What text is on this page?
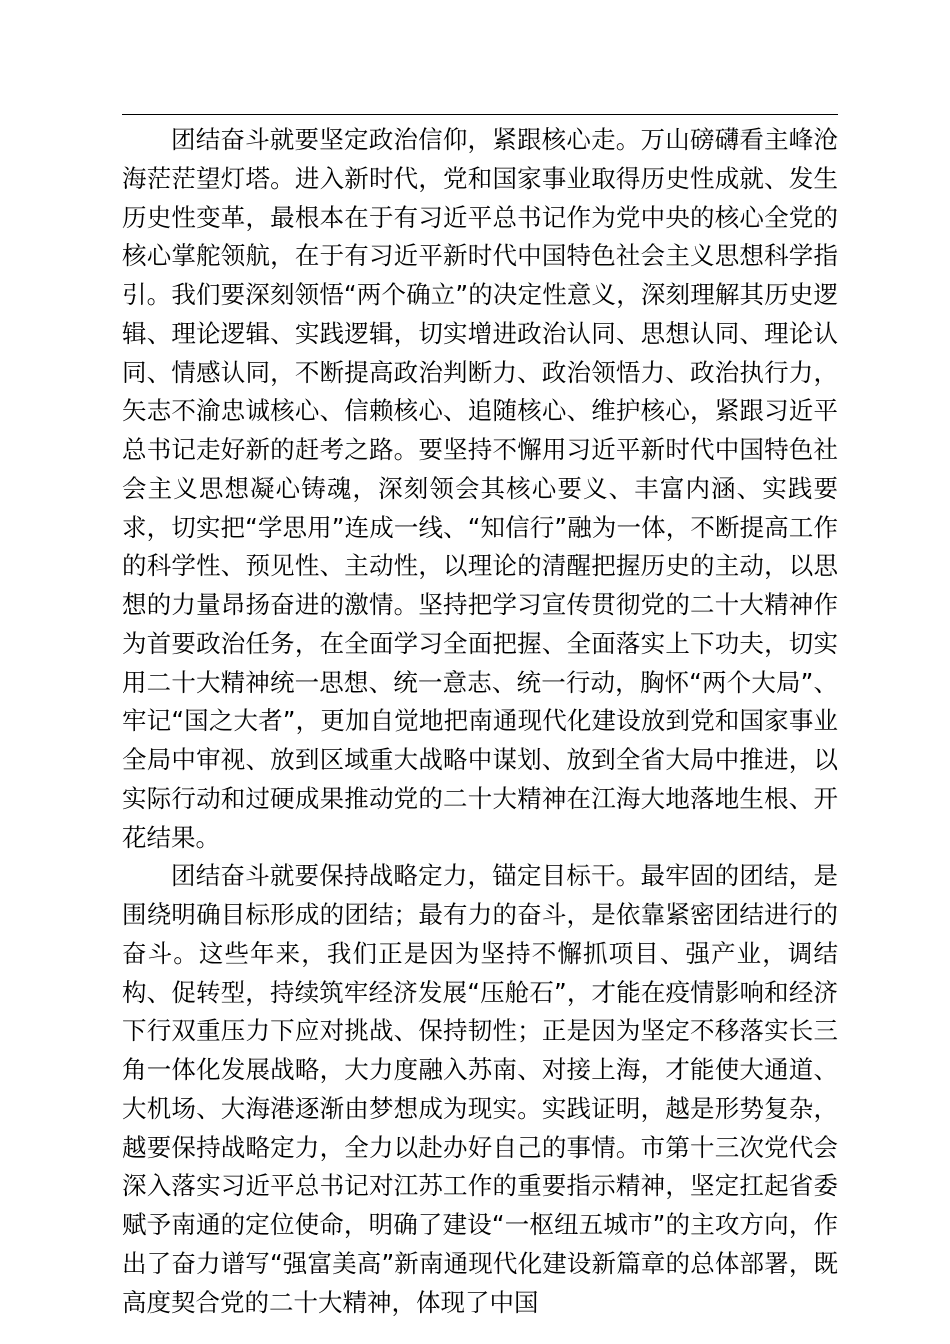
团结奋斗就要坚定政治信仰，紧跟核心走。万山磅礴看主峰沧海茫茫望灯塔。进入新时代，党和国家事业取得历史性成就、发生历史性变革，最根本在于有习近平总书记作为党中央的核心全党的核心掌舵领航，在于有习近平新时代中国特色社会主义思想科学指引。我们要深刻领悟“两个确立”的决定性意义，深刻理解其历史逻辑、理论逻辑、实践逻辑，切实增进政治认同、思想认同、理论认同、情感认同，不断提高政治判断力、政治领悟力、政治执行力，矢志不渝忠诚核心、信赖核心、追随核心、维护核心，紧跟习近平总书记走好新的赶考之路。要坚持不懈用习近平新时代中国特色社会主义思想凝心铸魂，深刻领会其核心要义、丰富内涵、实践要求，切实把“学思用”连成一线、“知信行”融为一体，不断提高工作的科学性、预见性、主动性，以理论的清醒把握历史的主动，以思想的力量昂扬奋进的激情。坚持把学习宣传贯彻党的二十大精神作为首要政治任务，在全面学习全面把握、全面落实上下功夫，切实用二十大精神统一思想、统一意志、统一行动，胸怀“两个大局”、牢记“国之大者”，更加自觉地把南通现代化建设放到党和国家事业全局中审视、放到区域重大战略中谋划、放到全省大局中推进，以实际行动和过硬成果推动党的二十大精神在江海大地落地生根、开花结果。

团结奋斗就要保持战略定力，锚定目标干。最牢固的团结，是围绕明确目标形成的团结；最有力的奋斗，是依靠紧密团结进行的奋斗。这些年来，我们正是因为坚持不懈抓项目、强产业，调结构、促转型，持续筑牢经济发展“压舱石”，才能在疫情影响和经济下行双重压力下应对挑战、保持韧性；正是因为坚定不移落实长三角一体化发展战略，大力度融入苏南、对接上海，才能使大通道、大机场、大海港逐渐由梦想成为现实。实践证明，越是形势复杂，越要保持战略定力，全力以赴办好自己的事情。市第十三次党代会深入落实习近平总书记对江苏工作的重要指示精神，坚定扛起省委赋予南通的定位使命，明确了建设“一枢纽五城市”的主攻方向，作出了奋力谱写“强富美高”新南通现代化建设新篇章的总体部署，既高度契合党的二十大精神，体现了中国
